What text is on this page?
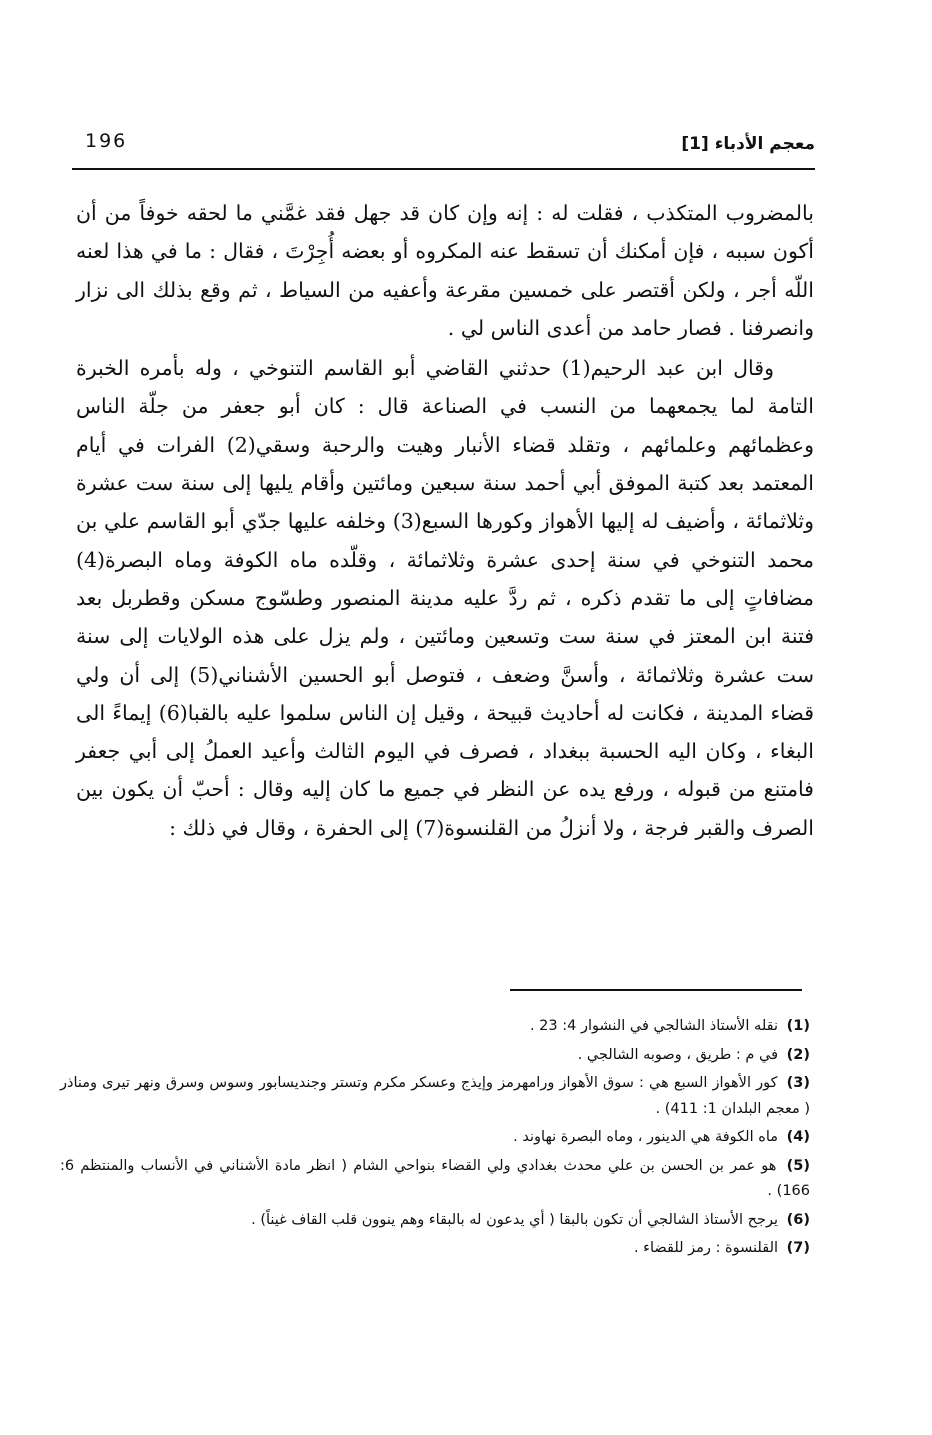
196	معجم الأدباء [1]

بالمضروب المتكذب ، فقلت له : إنه وإن كان قد جهل فقد غمَّني ما لحقه خوفاً من أن أكون سببه ، فإن أمكنك أن تسقط عنه المكروه أو بعضه أُجِرْتَ ، فقال : ما في هذا لعنه اللّه أجر ، ولكن أقتصر على خمسين مقرعة وأعفيه من السياط ، ثم وقع بذلك الى نزار وانصرفنا . فصار حامد من أعدى الناس لي .

وقال ابن عبد الرحيم(1) حدثني القاضي أبو القاسم التنوخي ، وله بأمره الخبرة التامة لما يجمعهما من النسب في الصناعة قال : كان أبو جعفر من جلّة الناس وعظمائهم وعلمائهم ، وتقلد قضاء الأنبار وهيت والرحبة وسقي(2) الفرات في أيام المعتمد بعد كتبة الموفق أبي أحمد سنة سبعين ومائتين وأقام يليها إلى سنة ست عشرة وثلاثمائة ، وأضيف له إليها الأهواز وكورها السبع(3) وخلفه عليها جدّي أبو القاسم علي بن محمد التنوخي في سنة إحدى عشرة وثلاثمائة ، وقلّده ماه الكوفة وماه البصرة(4) مضافاتٍ إلى ما تقدم ذكره ، ثم ردَّ عليه مدينة المنصور وطسّوج مسكن وقطربل بعد فتنة ابن المعتز في سنة ست وتسعين ومائتين ، ولم يزل على هذه الولايات إلى سنة ست عشرة وثلاثمائة ، وأسنَّ وضعف ، فتوصل أبو الحسين الأشناني(5) إلى أن ولي قضاء المدينة ، فكانت له أحاديث قبيحة ، وقيل إن الناس سلموا عليه بالقبا(6) إيماءً الى البغاء ، وكان اليه الحسبة ببغداد ، فصرف في اليوم الثالث وأعيد العملُ إلى أبي جعفر فامتنع من قبوله ، ورفع يده عن النظر في جميع ما كان إليه وقال : أحبّ أن يكون بين الصرف والقبر فرجة ، ولا أنزلُ من القلنسوة(7) إلى الحفرة ، وقال في ذلك :

(1) نقله الأستاذ الشالجي في النشوار 4: 23 .

(2) في م : طريق ، وصوبه الشالجي .

(3) كور الأهواز السبع هي : سوق الأهواز ورامهرمز وإيذج وعسكر مكرم وتستر وجنديسابور وسوس وسرق ونهر تيرى ومناذر ( معجم البلدان 1: 411) .

(4) ماه الكوفة هي الدينور ، وماه البصرة نهاوند .

(5) هو عمر بن الحسن بن علي محدث بغدادي ولي القضاء بنواحي الشام ( انظر مادة الأشناني في الأنساب والمنتظم 6: 166) .

(6) يرجح الأستاذ الشالجي أن تكون بالبقا ( أي يدعون له بالبقاء وهم ينوون قلب القاف غيناً) .

(7) القلنسوة : رمز للقضاء .
